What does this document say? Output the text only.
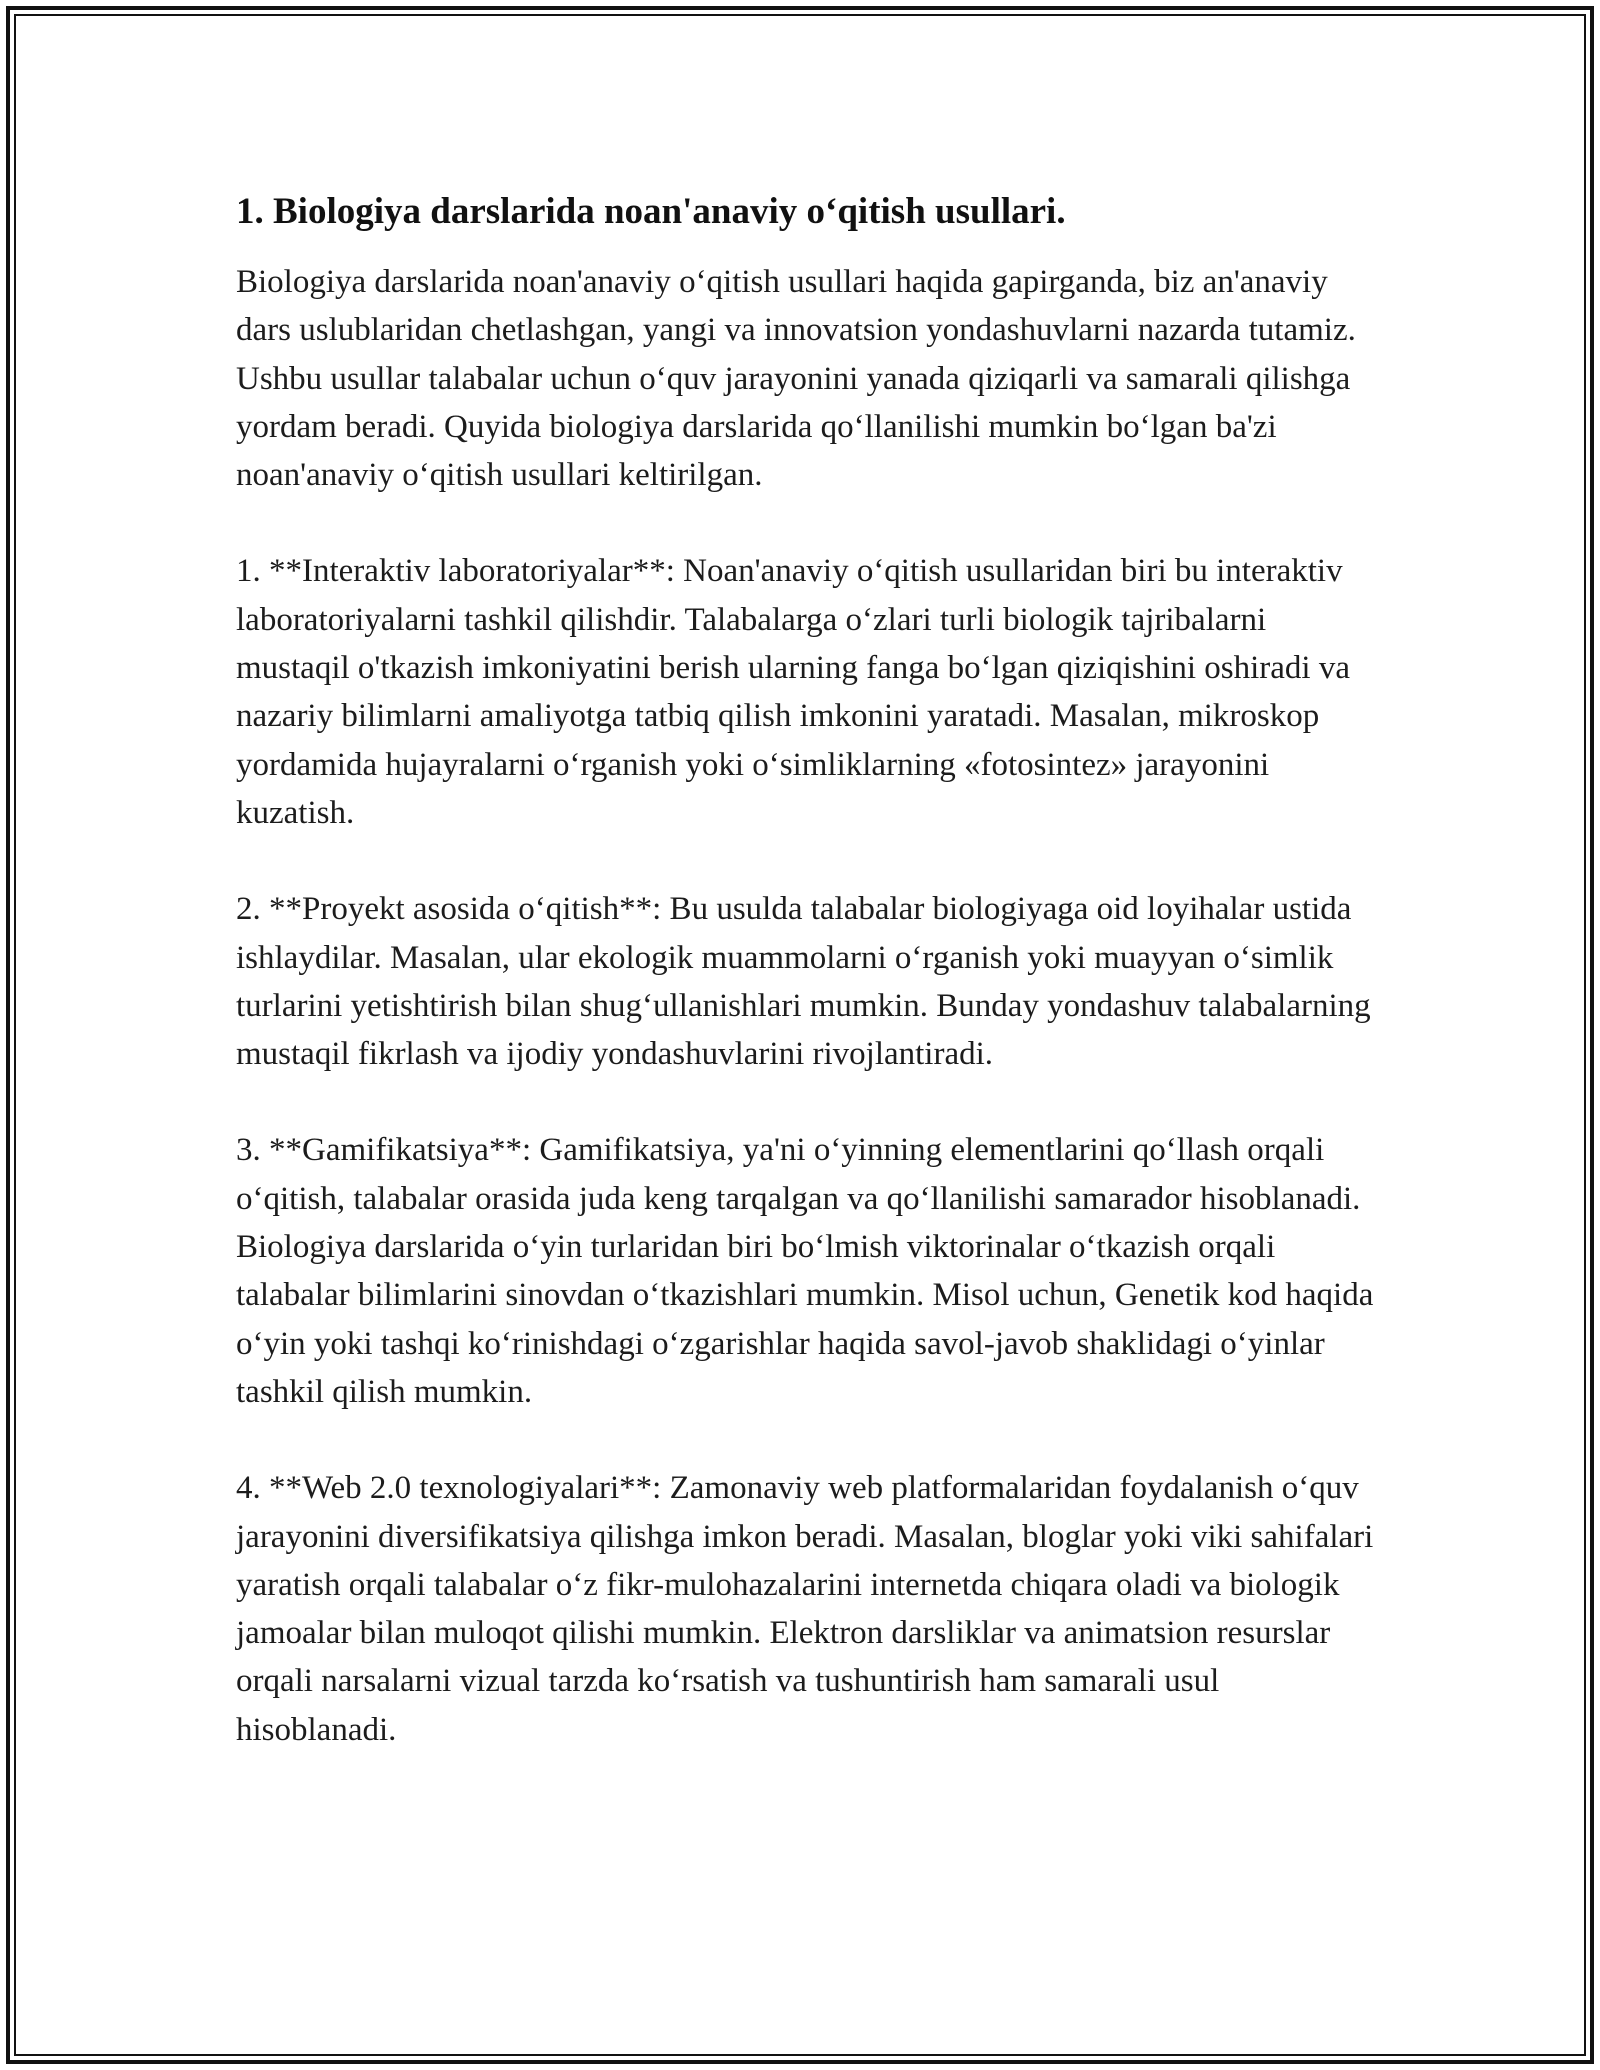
1. Biologiya darslarida noan'anaviy o‘qitish usullari.

Biologiya darslarida noan'anaviy o‘qitish usullari haqida gapirganda, biz an'anaviy dars uslublaridan chetlashgan, yangi va innovatsion yondashuvlarni nazarda tutamiz. Ushbu usullar talabalar uchun o‘quv jarayonini yanada qiziqarli va samarali qilishga yordam beradi. Quyida biologiya darslarida qo‘llanilishi mumkin bo‘lgan ba'zi noan'anaviy o‘qitish usullari keltirilgan.

1. **Interaktiv laboratoriyalar**: Noan'anaviy o‘qitish usullaridan biri bu interaktiv laboratoriyalarni tashkil qilishdir. Talabalarga o‘zlari turli biologik tajribalarni mustaqil o'tkazish imkoniyatini berish ularning fanga bo‘lgan qiziqishini oshiradi va nazariy bilimlarni amaliyotga tatbiq qilish imkonini yaratadi. Masalan, mikroskop yordamida hujayralarni o‘rganish yoki o‘simliklarning «fotosintez» jarayonini kuzatish.

2. **Proyekt asosida o‘qitish**: Bu usulda talabalar biologiyaga oid loyihalar ustida ishlaydilar. Masalan, ular ekologik muammolarni o‘rganish yoki muayyan o‘simlik turlarini yetishtirish bilan shug‘ullanishlari mumkin. Bunday yondashuv talabalarning mustaqil fikrlash va ijodiy yondashuvlarini rivojlantiradi.

3. **Gamifikatsiya**: Gamifikatsiya, ya'ni o‘yinning elementlarini qo‘llash orqali o‘qitish, talabalar orasida juda keng tarqalgan va qo‘llanilishi samarador hisoblanadi. Biologiya darslarida o‘yin turlaridan biri bo‘lmish viktorinalar o‘tkazish orqali talabalar bilimlarini sinovdan o‘tkazishlari mumkin. Misol uchun, Genetik kod haqida o‘yin yoki tashqi ko‘rinishdagi o‘zgarishlar haqida savol-javob shaklidagi o‘yinlar tashkil qilish mumkin.

4. **Web 2.0 texnologiyalari**: Zamonaviy web platformalaridan foydalanish o‘quv jarayonini diversifikatsiya qilishga imkon beradi. Masalan, bloglar yoki viki sahifalari yaratish orqali talabalar o‘z fikr-mulohazalarini internetda chiqara oladi va biologik jamoalar bilan muloqot qilishi mumkin. Elektron darsliklar va animatsion resurslar orqali narsalarni vizual tarzda ko‘rsatish va tushuntirish ham samarali usul hisoblanadi.
